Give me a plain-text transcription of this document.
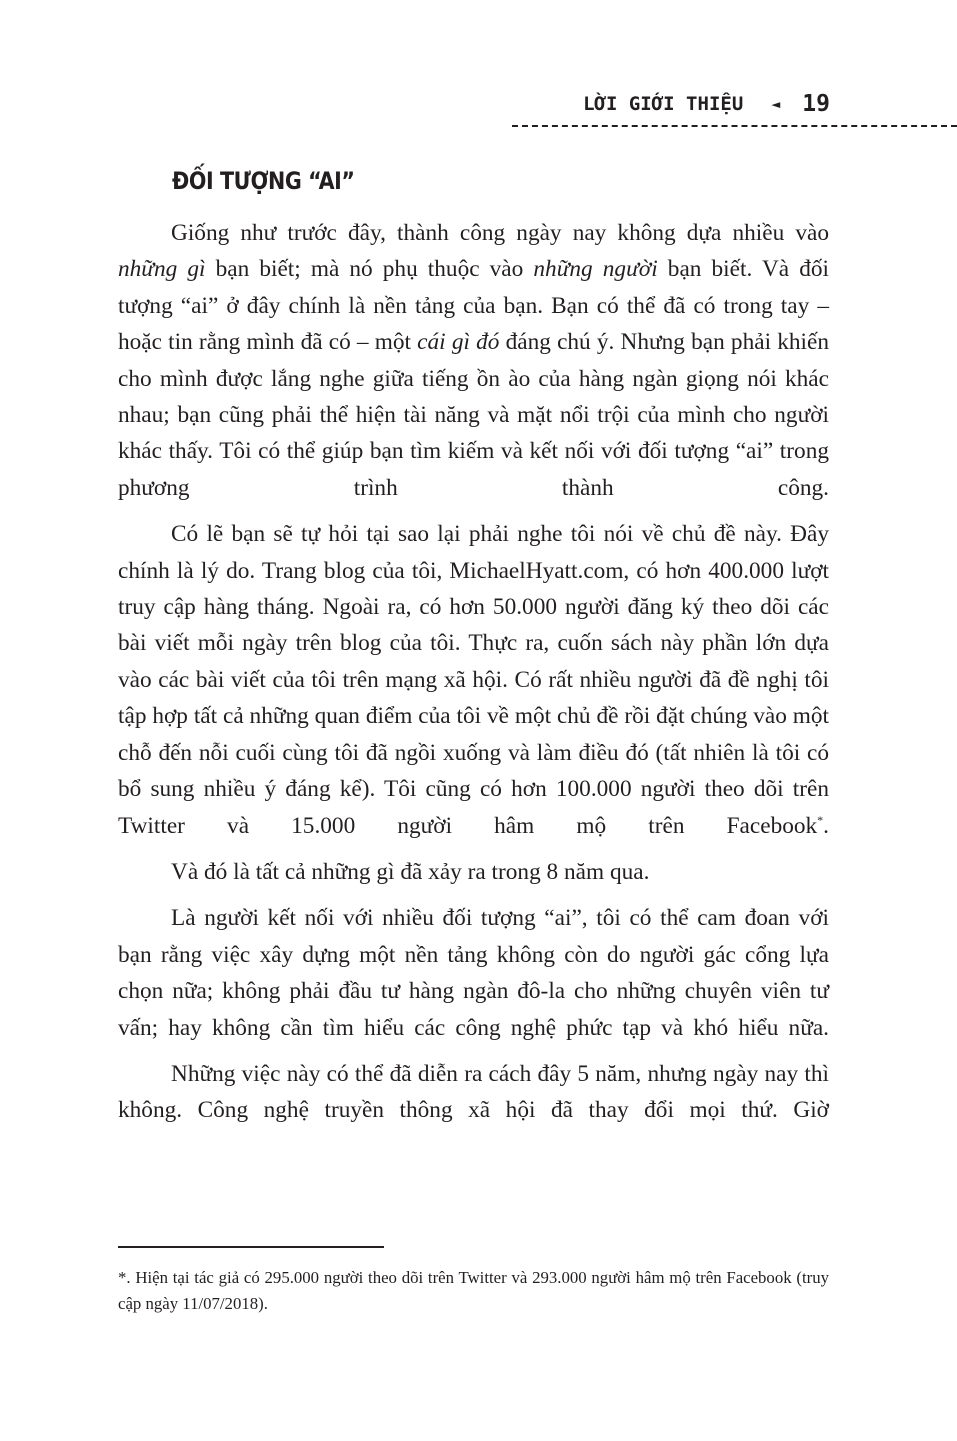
LỜI GIỚI THIỆU ◄ 19
ĐỐI TƯỢNG “AI”

Giống như trước đây, thành công ngày nay không dựa nhiều vào những gì bạn biết; mà nó phụ thuộc vào những người bạn biết. Và đối tượng “ai” ở đây chính là nền tảng của bạn. Bạn có thể đã có trong tay – hoặc tin rằng mình đã có – một cái gì đó đáng chú ý. Nhưng bạn phải khiến cho mình được lắng nghe giữa tiếng ồn ào của hàng ngàn giọng nói khác nhau; bạn cũng phải thể hiện tài năng và mặt nổi trội của mình cho người khác thấy. Tôi có thể giúp bạn tìm kiếm và kết nối với đối tượng “ai” trong phương trình thành công.

Có lẽ bạn sẽ tự hỏi tại sao lại phải nghe tôi nói về chủ đề này. Đây chính là lý do. Trang blog của tôi, MichaelHyatt.com, có hơn 400.000 lượt truy cập hàng tháng. Ngoài ra, có hơn 50.000 người đăng ký theo dõi các bài viết mỗi ngày trên blog của tôi. Thực ra, cuốn sách này phần lớn dựa vào các bài viết của tôi trên mạng xã hội. Có rất nhiều người đã đề nghị tôi tập hợp tất cả những quan điểm của tôi về một chủ đề rồi đặt chúng vào một chỗ đến nỗi cuối cùng tôi đã ngồi xuống và làm điều đó (tất nhiên là tôi có bổ sung nhiều ý đáng kể). Tôi cũng có hơn 100.000 người theo dõi trên Twitter và 15.000 người hâm mộ trên Facebook*.

Và đó là tất cả những gì đã xảy ra trong 8 năm qua.

Là người kết nối với nhiều đối tượng “ai”, tôi có thể cam đoan với bạn rằng việc xây dựng một nền tảng không còn do người gác cổng lựa chọn nữa; không phải đầu tư hàng ngàn đô-la cho những chuyên viên tư vấn; hay không cần tìm hiểu các công nghệ phức tạp và khó hiểu nữa.

Những việc này có thể đã diễn ra cách đây 5 năm, nhưng ngày nay thì không. Công nghệ truyền thông xã hội đã thay đổi mọi thứ. Giờ

*. Hiện tại tác giả có 295.000 người theo dõi trên Twitter và 293.000 người hâm mộ trên Facebook (truy cập ngày 11/07/2018).
